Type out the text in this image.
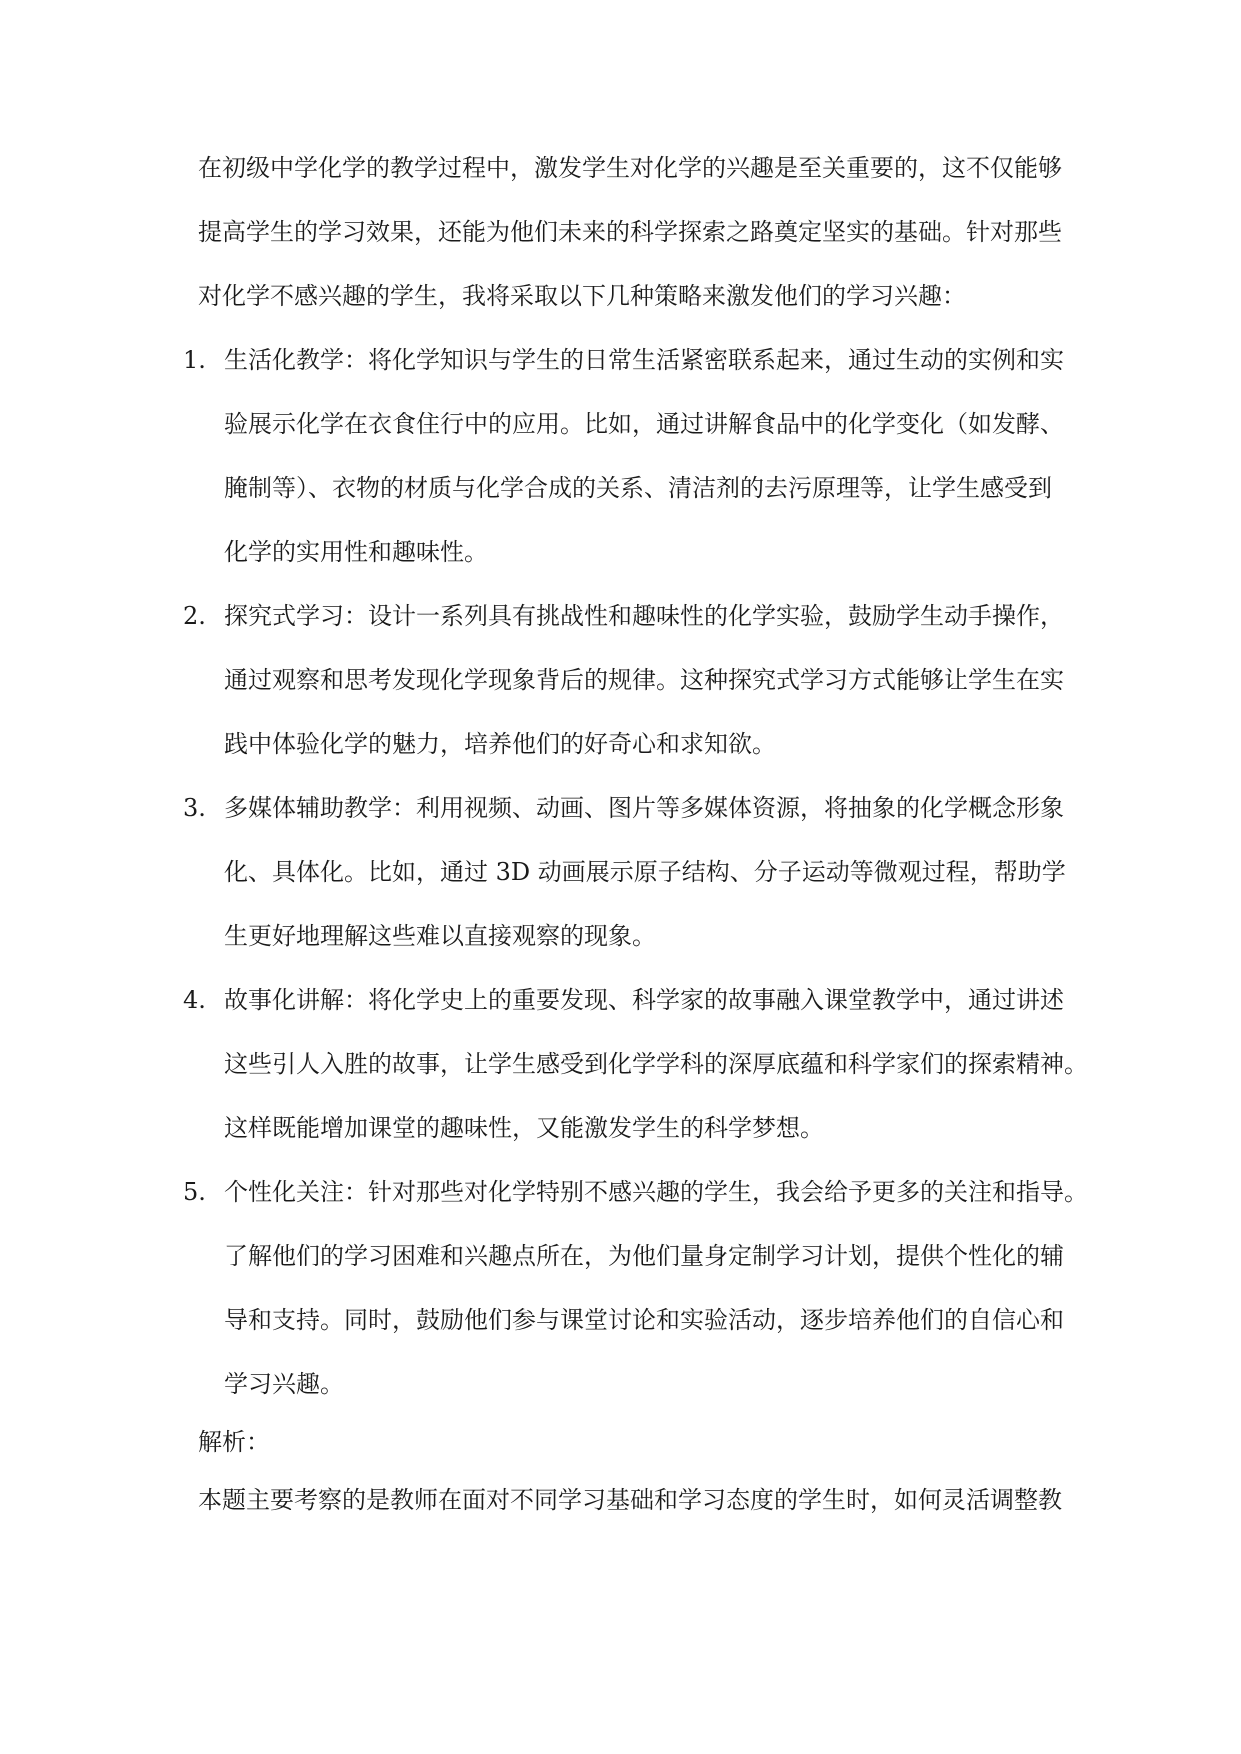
在初级中学化学的教学过程中，激发学生对化学的兴趣是至关重要的，这不仅能够
提高学生的学习效果，还能为他们未来的科学探索之路奠定坚实的基础。针对那些
对化学不感兴趣的学生，我将采取以下几种策略来激发他们的学习兴趣：
1. 生活化教学：将化学知识与学生的日常生活紧密联系起来，通过生动的实例和实
验展示化学在衣食住行中的应用。比如，通过讲解食品中的化学变化（如发酵、
腌制等）、衣物的材质与化学合成的关系、清洁剂的去污原理等，让学生感受到
化学的实用性和趣味性。
2. 探究式学习：设计一系列具有挑战性和趣味性的化学实验，鼓励学生动手操作，
通过观察和思考发现化学现象背后的规律。这种探究式学习方式能够让学生在实
践中体验化学的魅力，培养他们的好奇心和求知欲。
3. 多媒体辅助教学：利用视频、动画、图片等多媒体资源，将抽象的化学概念形象
化、具体化。比如，通过 3D 动画展示原子结构、分子运动等微观过程，帮助学
生更好地理解这些难以直接观察的现象。
4. 故事化讲解：将化学史上的重要发现、科学家的故事融入课堂教学中，通过讲述
这些引人入胜的故事，让学生感受到化学学科的深厚底蕴和科学家们的探索精神。
这样既能增加课堂的趣味性，又能激发学生的科学梦想。
5. 个性化关注：针对那些对化学特别不感兴趣的学生，我会给予更多的关注和指导。
了解他们的学习困难和兴趣点所在，为他们量身定制学习计划，提供个性化的辅
导和支持。同时，鼓励他们参与课堂讨论和实验活动，逐步培养他们的自信心和
学习兴趣。
解析：
本题主要考察的是教师在面对不同学习基础和学习态度的学生时，如何灵活调整教
